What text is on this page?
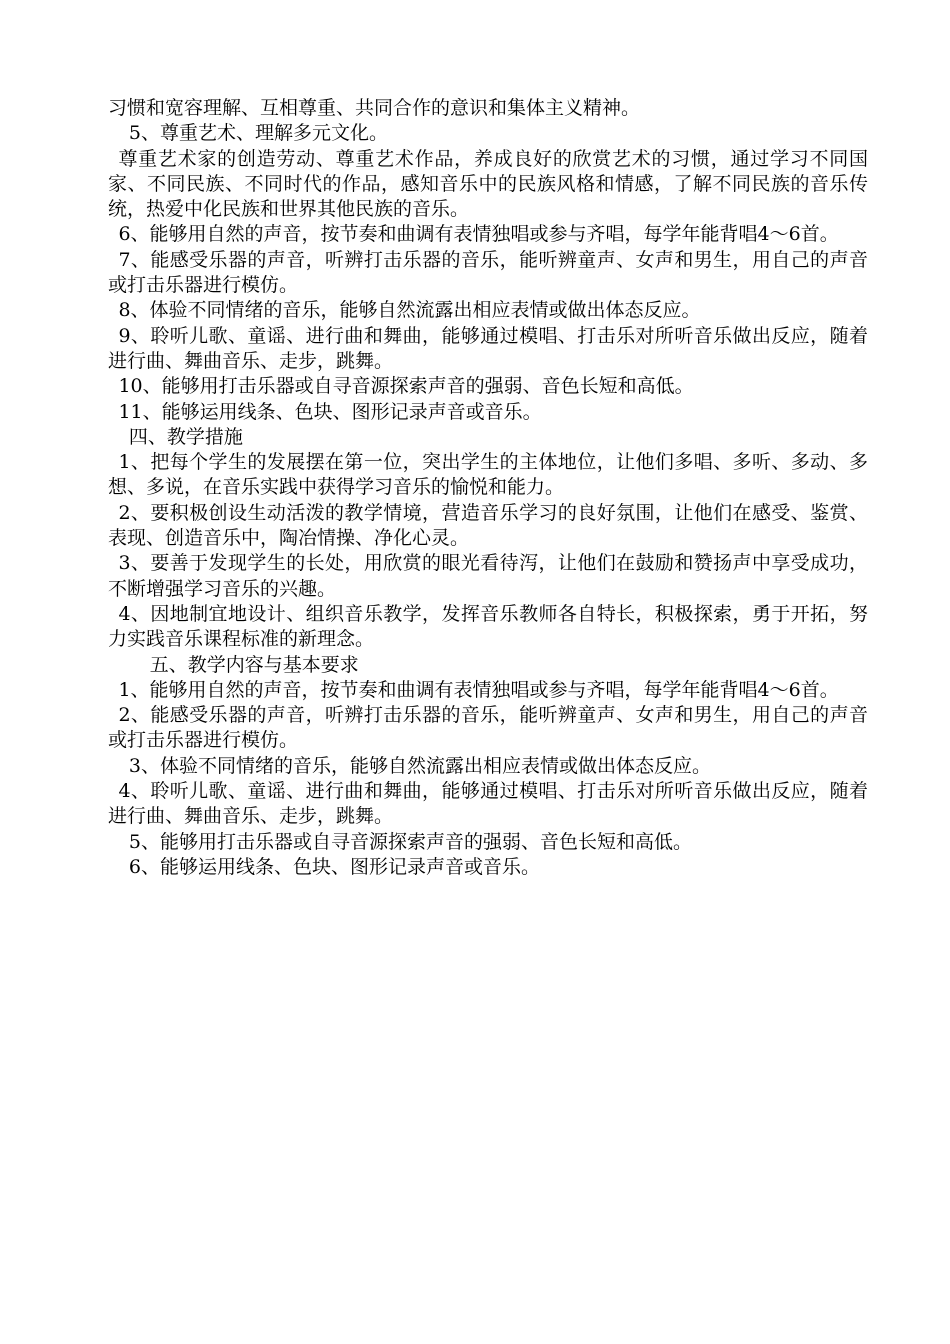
习惯和宽容理解、互相尊重、共同合作的意识和集体主义精神。

5、尊重艺术、理解多元文化。

尊重艺术家的创造劳动、尊重艺术作品，养成良好的欣赏艺术的习惯，通过学习不同国家、不同民族、不同时代的作品，感知音乐中的民族风格和情感，了解不同民族的音乐传统，热爱中化民族和世界其他民族的音乐。

6、能够用自然的声音，按节奏和曲调有表情独唱或参与齐唱，每学年能背唱4～6首。

7、能感受乐器的声音，听辨打击乐器的音乐，能听辨童声、女声和男生，用自己的声音或打击乐器进行模仿。

8、体验不同情绪的音乐，能够自然流露出相应表情或做出体态反应。

9、聆听儿歌、童谣、进行曲和舞曲，能够通过模唱、打击乐对所听音乐做出反应，随着进行曲、舞曲音乐、走步，跳舞。

10、能够用打击乐器或自寻音源探索声音的强弱、音色长短和高低。

11、能够运用线条、色块、图形记录声音或音乐。

四、教学措施

1、把每个学生的发展摆在第一位，突出学生的主体地位，让他们多唱、多听、多动、多想、多说，在音乐实践中获得学习音乐的愉悦和能力。

2、要积极创设生动活泼的教学情境，营造音乐学习的良好氛围，让他们在感受、鉴赏、表现、创造音乐中，陶冶情操、净化心灵。

3、要善于发现学生的长处，用欣赏的眼光看待泻，让他们在鼓励和赞扬声中享受成功，不断增强学习音乐的兴趣。

4、因地制宜地设计、组织音乐教学，发挥音乐教师各自特长，积极探索，勇于开拓，努力实践音乐课程标准的新理念。

五、教学内容与基本要求

1、能够用自然的声音，按节奏和曲调有表情独唱或参与齐唱，每学年能背唱4～6首。

2、能感受乐器的声音，听辨打击乐器的音乐，能听辨童声、女声和男生，用自己的声音或打击乐器进行模仿。

3、体验不同情绪的音乐，能够自然流露出相应表情或做出体态反应。

4、聆听儿歌、童谣、进行曲和舞曲，能够通过模唱、打击乐对所听音乐做出反应，随着进行曲、舞曲音乐、走步，跳舞。

5、能够用打击乐器或自寻音源探索声音的强弱、音色长短和高低。

6、能够运用线条、色块、图形记录声音或音乐。
